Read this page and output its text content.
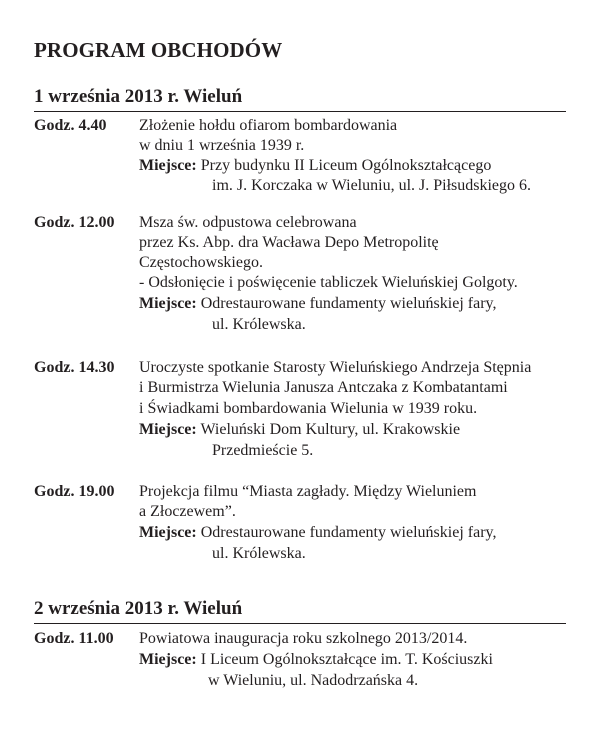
PROGRAM OBCHODÓW
1 września 2013 r. Wieluń
Godz. 4.40 Złożenie hołdu ofiarom bombardowania
w dniu 1 września 1939 r.
Miejsce: Przy budynku II Liceum Ogólnokształcącego
im. J. Korczaka w Wieluniu, ul. J. Piłsudskiego 6.
Godz. 12.00 Msza św. odpustowa celebrowana
przez Ks. Abp. dra Wacława Depo Metropolitę
Częstochowskiego.
- Odsłonięcie i poświęcenie tabliczek Wieluńskiej Golgoty.
Miejsce: Odrestaurowane fundamenty wieluńskiej fary,
ul. Królewska.
Godz. 14.30 Uroczyste spotkanie Starosty Wieluńskiego Andrzeja Stępnia
i Burmistrza Wielunia Janusza Antczaka z Kombatantami
i Świadkami bombardowania Wielunia w 1939 roku.
Miejsce: Wieluński Dom Kultury, ul. Krakowskie
Przedmieście 5.
Godz. 19.00 Projekcja filmu “Miasta zagłady. Między Wieluniem
a Złoczewem”.
Miejsce: Odrestaurowane fundamenty wieluńskiej fary,
ul. Królewska.
2 września 2013 r. Wieluń
Godz. 11.00 Powiatowa inauguracja roku szkolnego 2013/2014.
Miejsce: I Liceum Ogólnokształcące im. T. Kościuszki
w Wieluniu, ul. Nadodrzańska 4.
